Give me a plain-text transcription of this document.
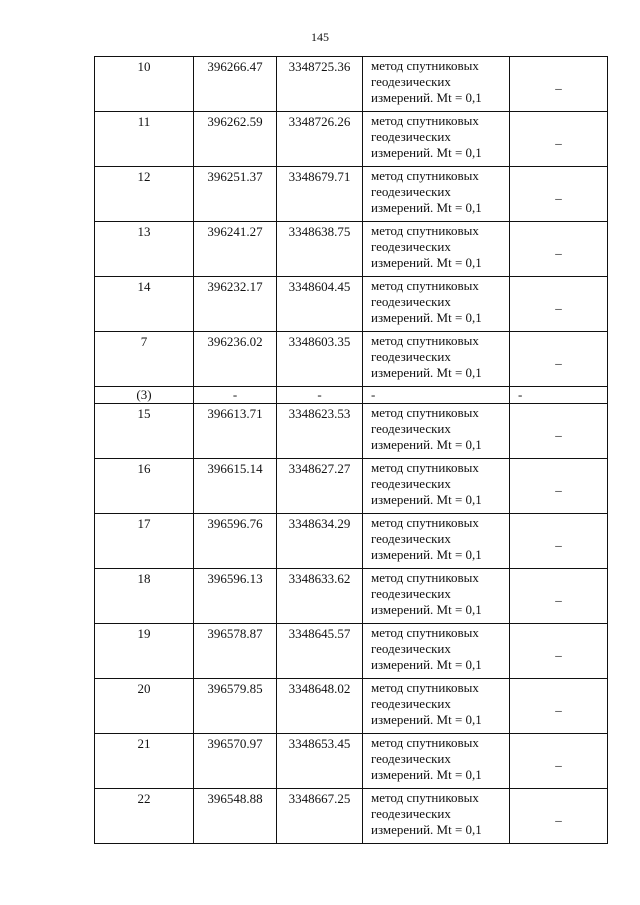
145
10	396266.47	3348725.36	метод спутниковых
геодезических
измерений. Mt = 0,1	_
11	396262.59	3348726.26	метод спутниковых
геодезических
измерений. Mt = 0,1	_
12	396251.37	3348679.71	метод спутниковых
геодезических
измерений. Mt = 0,1	_
13	396241.27	3348638.75	метод спутниковых
геодезических
измерений. Mt = 0,1	_
14	396232.17	3348604.45	метод спутниковых
геодезических
измерений. Mt = 0,1	_
7	396236.02	3348603.35	метод спутниковых
геодезических
измерений. Mt = 0,1	_
(3)	-	-	-	-
15	396613.71	3348623.53	метод спутниковых
геодезических
измерений. Mt = 0,1	_
16	396615.14	3348627.27	метод спутниковых
геодезических
измерений. Mt = 0,1	_
17	396596.76	3348634.29	метод спутниковых
геодезических
измерений. Mt = 0,1	_
18	396596.13	3348633.62	метод спутниковых
геодезических
измерений. Mt = 0,1	_
19	396578.87	3348645.57	метод спутниковых
геодезических
измерений. Mt = 0,1	_
20	396579.85	3348648.02	метод спутниковых
геодезических
измерений. Mt = 0,1	_
21	396570.97	3348653.45	метод спутниковых
геодезических
измерений. Mt = 0,1	_
22	396548.88	3348667.25	метод спутниковых
геодезических
измерений. Mt = 0,1	_
